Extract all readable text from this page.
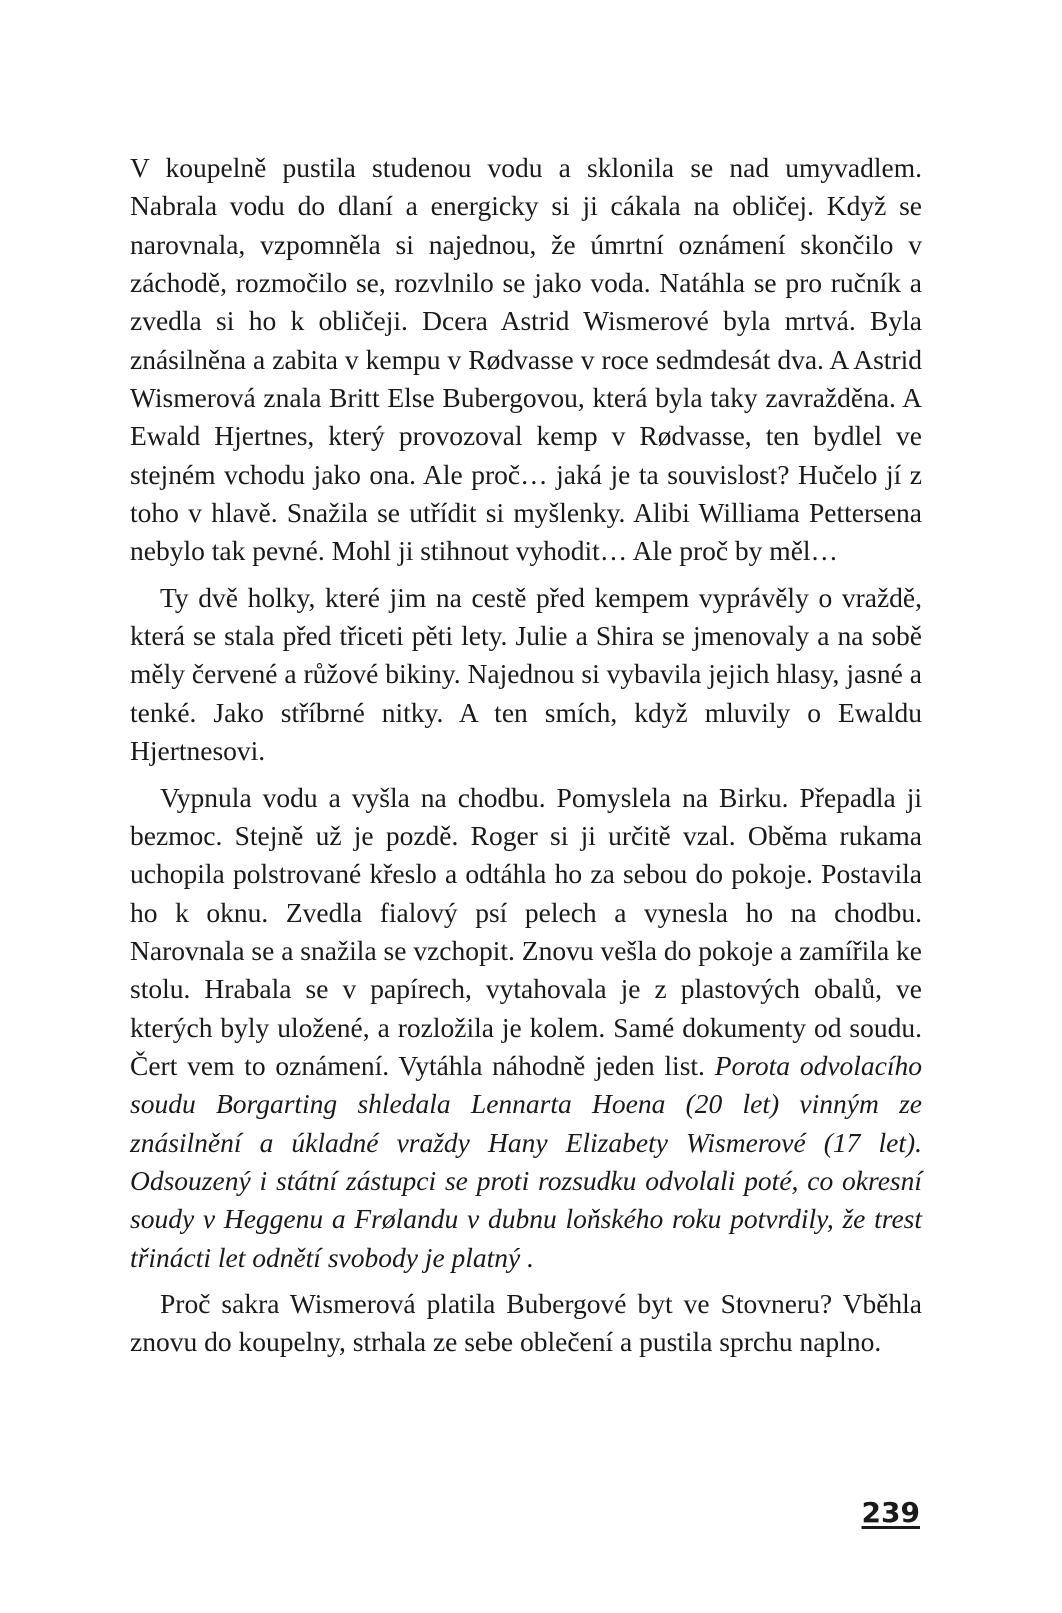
V koupelně pustila studenou vodu a sklonila se nad umyvadlem. Nabrala vodu do dlaní a energicky si ji cákala na obličej. Když se narovnala, vzpomněla si najednou, že úmrtní oznámení skončilo v záchodě, rozmočilo se, rozvlnilo se jako voda. Natáhla se pro ručník a zvedla si ho k obličeji. Dcera Astrid Wismerové byla mrtvá. Byla znásilněna a zabita v kempu v Rødvasse v roce sedmdesát dva. A Astrid Wismerová znala Britt Else Bubergovou, která byla taky zavražděna. A Ewald Hjertnes, který provozoval kemp v Rødvasse, ten bydlel ve stejném vchodu jako ona. Ale proč… jaká je ta souvislost? Hučelo jí z toho v hlavě. Snažila se utřídit si myšlenky. Alibi Williama Pettersena nebylo tak pevné. Mohl ji stihnout vyhodit… Ale proč by měl…

Ty dvě holky, které jim na cestě před kempem vyprávěly o vraždě, která se stala před třiceti pěti lety. Julie a Shira se jmenovaly a na sobě měly červené a růžové bikiny. Najednou si vybavila jejich hlasy, jasné a tenké. Jako stříbrné nitky. A ten smích, když mluvily o Ewaldu Hjertnesovi.

Vypnula vodu a vyšla na chodbu. Pomyslela na Birku. Přepadla ji bezmoc. Stejně už je pozdě. Roger si ji určitě vzal. Oběma rukama uchopila polstrované křeslo a odtáhla ho za sebou do pokoje. Postavila ho k oknu. Zvedla fialový psí pelech a vynesla ho na chodbu. Narovnala se a snažila se vzchopit. Znovu vešla do pokoje a zamířila ke stolu. Hrabala se v papírech, vytahovala je z plastových obalů, ve kterých byly uložené, a rozložila je kolem. Samé dokumenty od soudu. Čert vem to oznámení. Vytáhla náhodně jeden list. Porota odvolacího soudu Borgarting shledala Lennarta Hoena (20 let) vinným ze znásilnění a úkladné vraždy Hany Elizabety Wismerové (17 let). Odsouzený i státní zástupci se proti rozsudku odvolali poté, co okresní soudy v Heggenu a Frølandu v dubnu loňského roku potvrdily, že trest třinácti let odnětí svobody je platný .

Proč sakra Wismerová platila Bubergové byt ve Stovneru? Vběhla znovu do koupelny, strhala ze sebe oblečení a pustila sprchu naplno.

239
